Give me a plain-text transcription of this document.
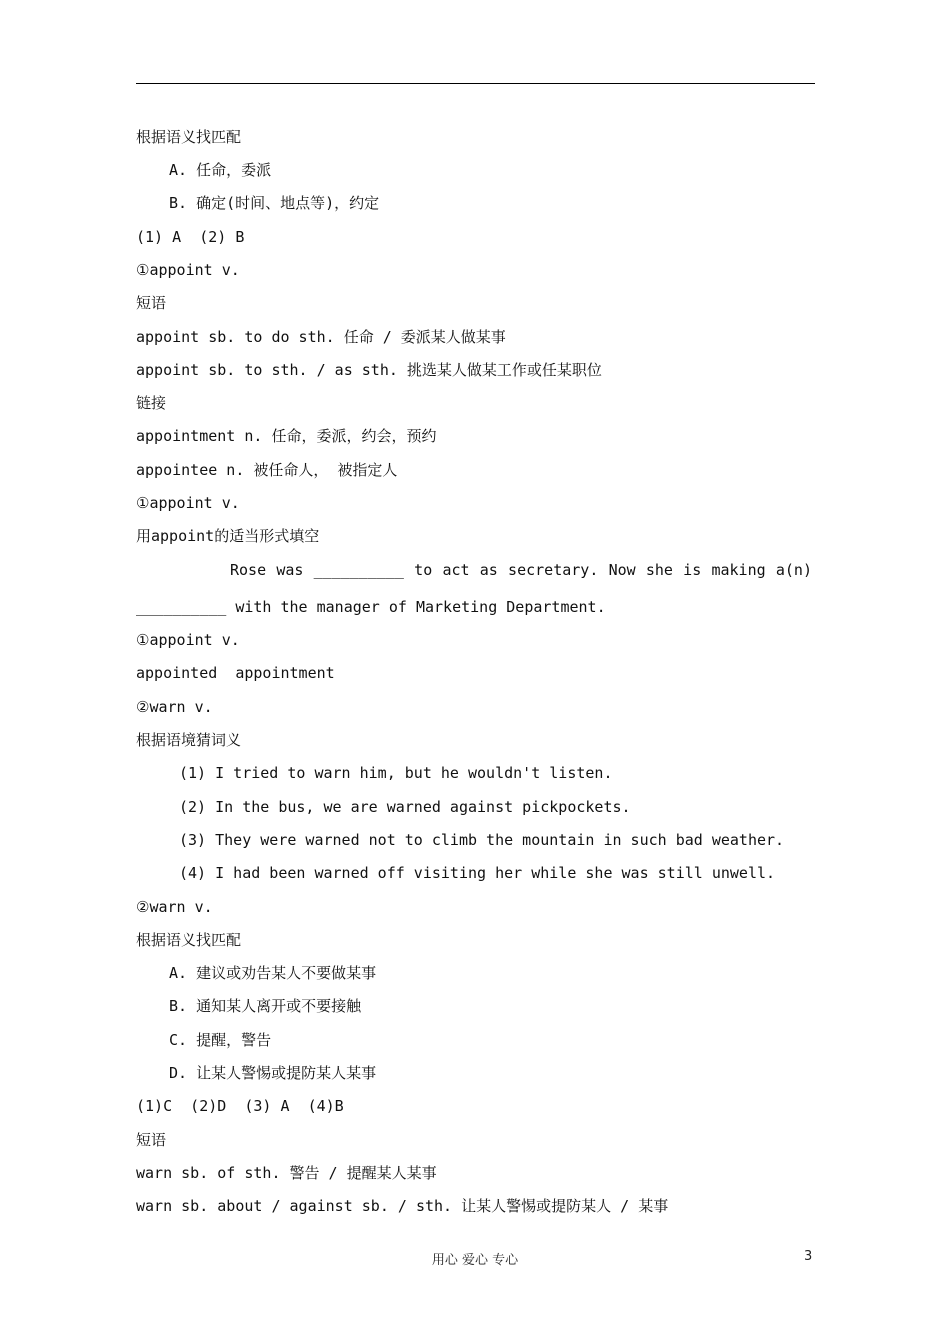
根据语义找匹配
A. 任命，委派
B. 确定(时间、地点等)，约定
(1) A  (2) B
①appoint v.
短语
appoint sb. to do sth. 任命 / 委派某人做某事
appoint sb. to sth. / as sth. 挑选某人做某工作或任某职位
链接
appointment n. 任命，委派，约会，预约
appointee n. 被任命人， 被指定人
①appoint v.
用appoint的适当形式填空
Rose was __________ to act as secretary. Now she is making a(n)
__________ with the manager of Marketing Department.
①appoint v.
appointed  appointment
②warn v.
根据语境猜词义
(1) I tried to warn him, but he wouldn't listen.
(2) In the bus, we are warned against pickpockets.
(3) They were warned not to climb the mountain in such bad weather.
(4) I had been warned off visiting her while she was still unwell.
②warn v.
根据语义找匹配
A. 建议或劝告某人不要做某事
B. 通知某人离开或不要接触
C. 提醒，警告
D. 让某人警惕或提防某人某事
(1)C  (2)D  (3) A  (4)B
短语
warn sb. of sth. 警告 / 提醒某人某事
warn sb. about / against sb. / sth. 让某人警惕或提防某人 / 某事
用心 爱心 专心	3
